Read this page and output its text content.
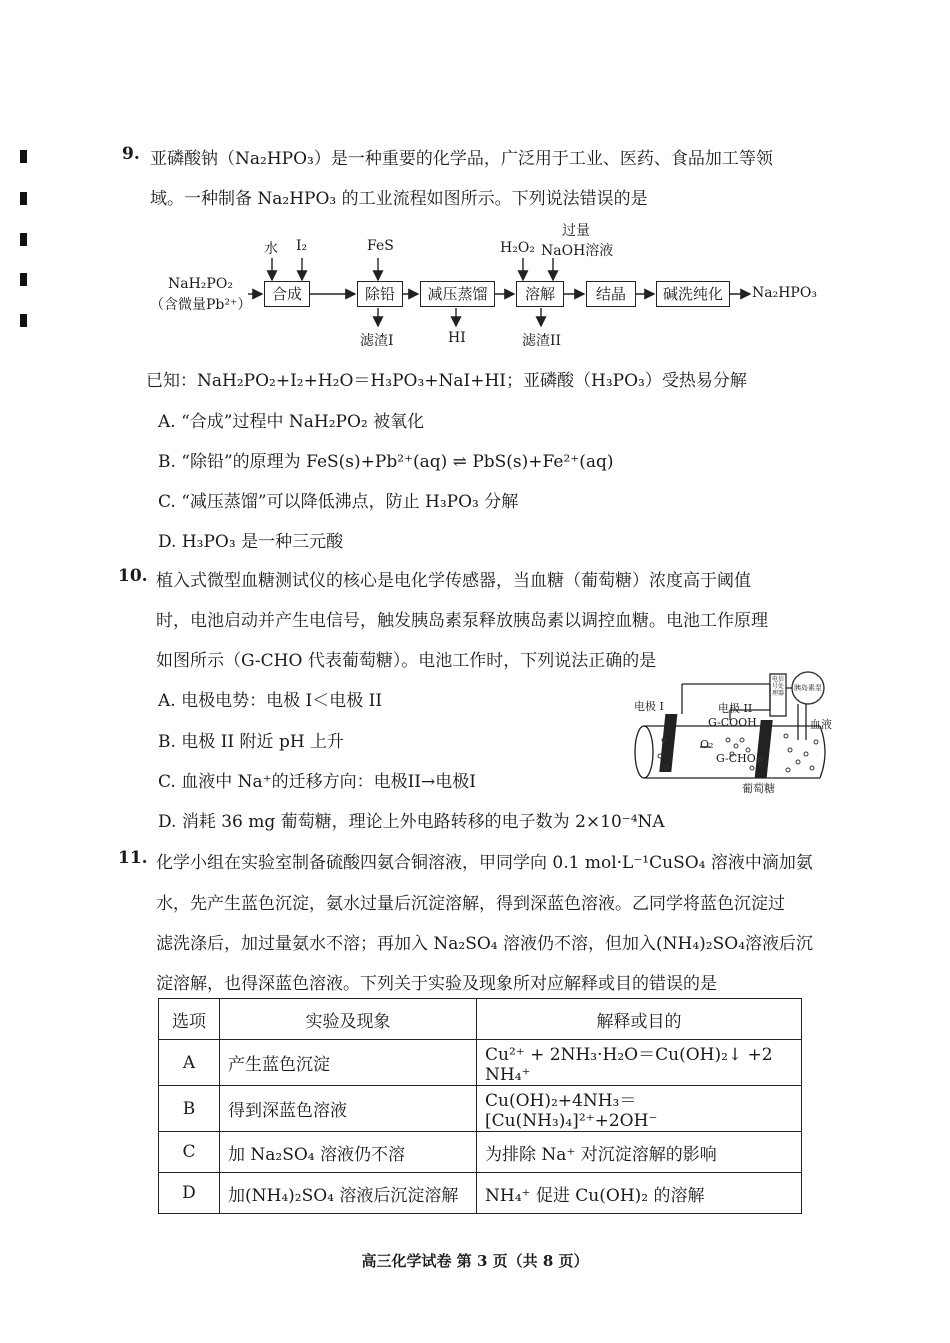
9. 亚磷酸钠（Na₂HPO₃）是一种重要的化学品，广泛用于工业、医药、食品加工等领
域。一种制备 Na₂HPO₃ 的工业流程如图所示。下列说法错误的是
NaH₂PO₂
（含微量Pb²⁺）
合成	除铅	减压蒸馏	溶解	结晶	碱洗纯化	Na₂HPO₃
水 I₂	FeS	H₂O₂
过量
NaOH溶液
滤渣I	HI	滤渣II
已知：NaH₂PO₂+I₂+H₂O＝H₃PO₃+NaI+HI；亚磷酸（H₃PO₃）受热易分解
A. “合成”过程中 NaH₂PO₂ 被氧化
B. “除铅”的原理为 FeS(s)+Pb²⁺(aq) ⇌ PbS(s)+Fe²⁺(aq)
C. “减压蒸馏”可以降低沸点，防止 H₃PO₃ 分解
D. H₃PO₃ 是一种三元酸
10. 植入式微型血糖测试仪的核心是电化学传感器，当血糖（葡萄糖）浓度高于阈值
时，电池启动并产生电信号，触发胰岛素泵释放胰岛素以调控血糖。电池工作原理
如图所示（G-CHO 代表葡萄糖）。电池工作时，下列说法正确的是
A. 电极电势：电极 I＜电极 II
B. 电极 II 附近 pH 上升
C. 血液中 Na⁺的迁移方向：电极II→电极I
D. 消耗 36 mg 葡萄糖，理论上外电路转移的电子数为 2×10⁻⁴NA
电极 I	电极 II
G-COOH
O₂
G-CHO
血液
葡萄糖
电信号处理器
胰岛素泵
11. 化学小组在实验室制备硫酸四氨合铜溶液，甲同学向 0.1 mol·L⁻¹CuSO₄ 溶液中滴加氨
水，先产生蓝色沉淀，氨水过量后沉淀溶解，得到深蓝色溶液。乙同学将蓝色沉淀过
滤洗涤后，加过量氨水不溶；再加入 Na₂SO₄ 溶液仍不溶，但加入(NH₄)₂SO₄溶液后沉
淀溶解，也得深蓝色溶液。下列关于实验及现象所对应解释或目的错误的是
选项	实验及现象	解释或目的
A	产生蓝色沉淀	Cu²⁺ + 2NH₃·H₂O＝Cu(OH)₂↓ +2 NH₄⁺
B	得到深蓝色溶液	Cu(OH)₂+4NH₃＝[Cu(NH₃)₄]²⁺+2OH⁻
C	加 Na₂SO₄ 溶液仍不溶	为排除 Na⁺ 对沉淀溶解的影响
D	加(NH₄)₂SO₄ 溶液后沉淀溶解	NH₄⁺ 促进 Cu(OH)₂ 的溶解
高三化学试卷 第 3 页（共 8 页）
